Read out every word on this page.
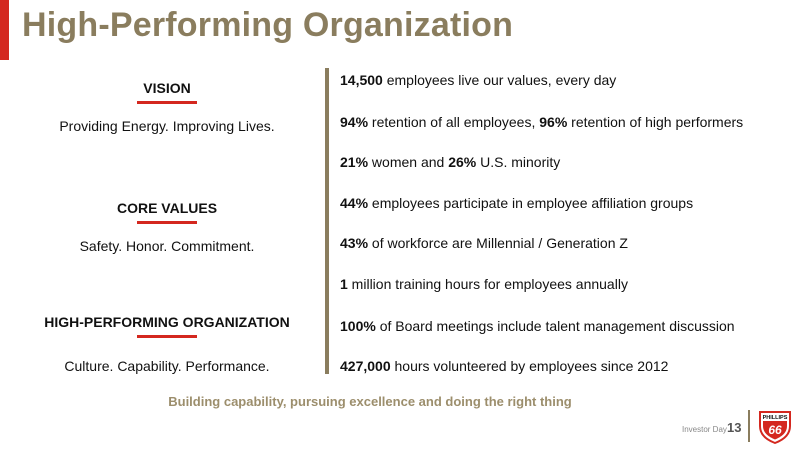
High-Performing Organization
VISION
Providing Energy. Improving Lives.
CORE VALUES
Safety. Honor. Commitment.
HIGH-PERFORMING ORGANIZATION
Culture. Capability. Performance.
14,500 employees live our values, every day
94% retention of all employees, 96% retention of high performers
21% women and 26% U.S. minority
44% employees participate in employee affiliation groups
43% of workforce are Millennial / Generation Z
1 million training hours for employees annually
100% of Board meetings include talent management discussion
427,000 hours volunteered by employees since 2012
Building capability, pursuing excellence and doing the right thing
Investor Day 13
PHILLIPS
66
